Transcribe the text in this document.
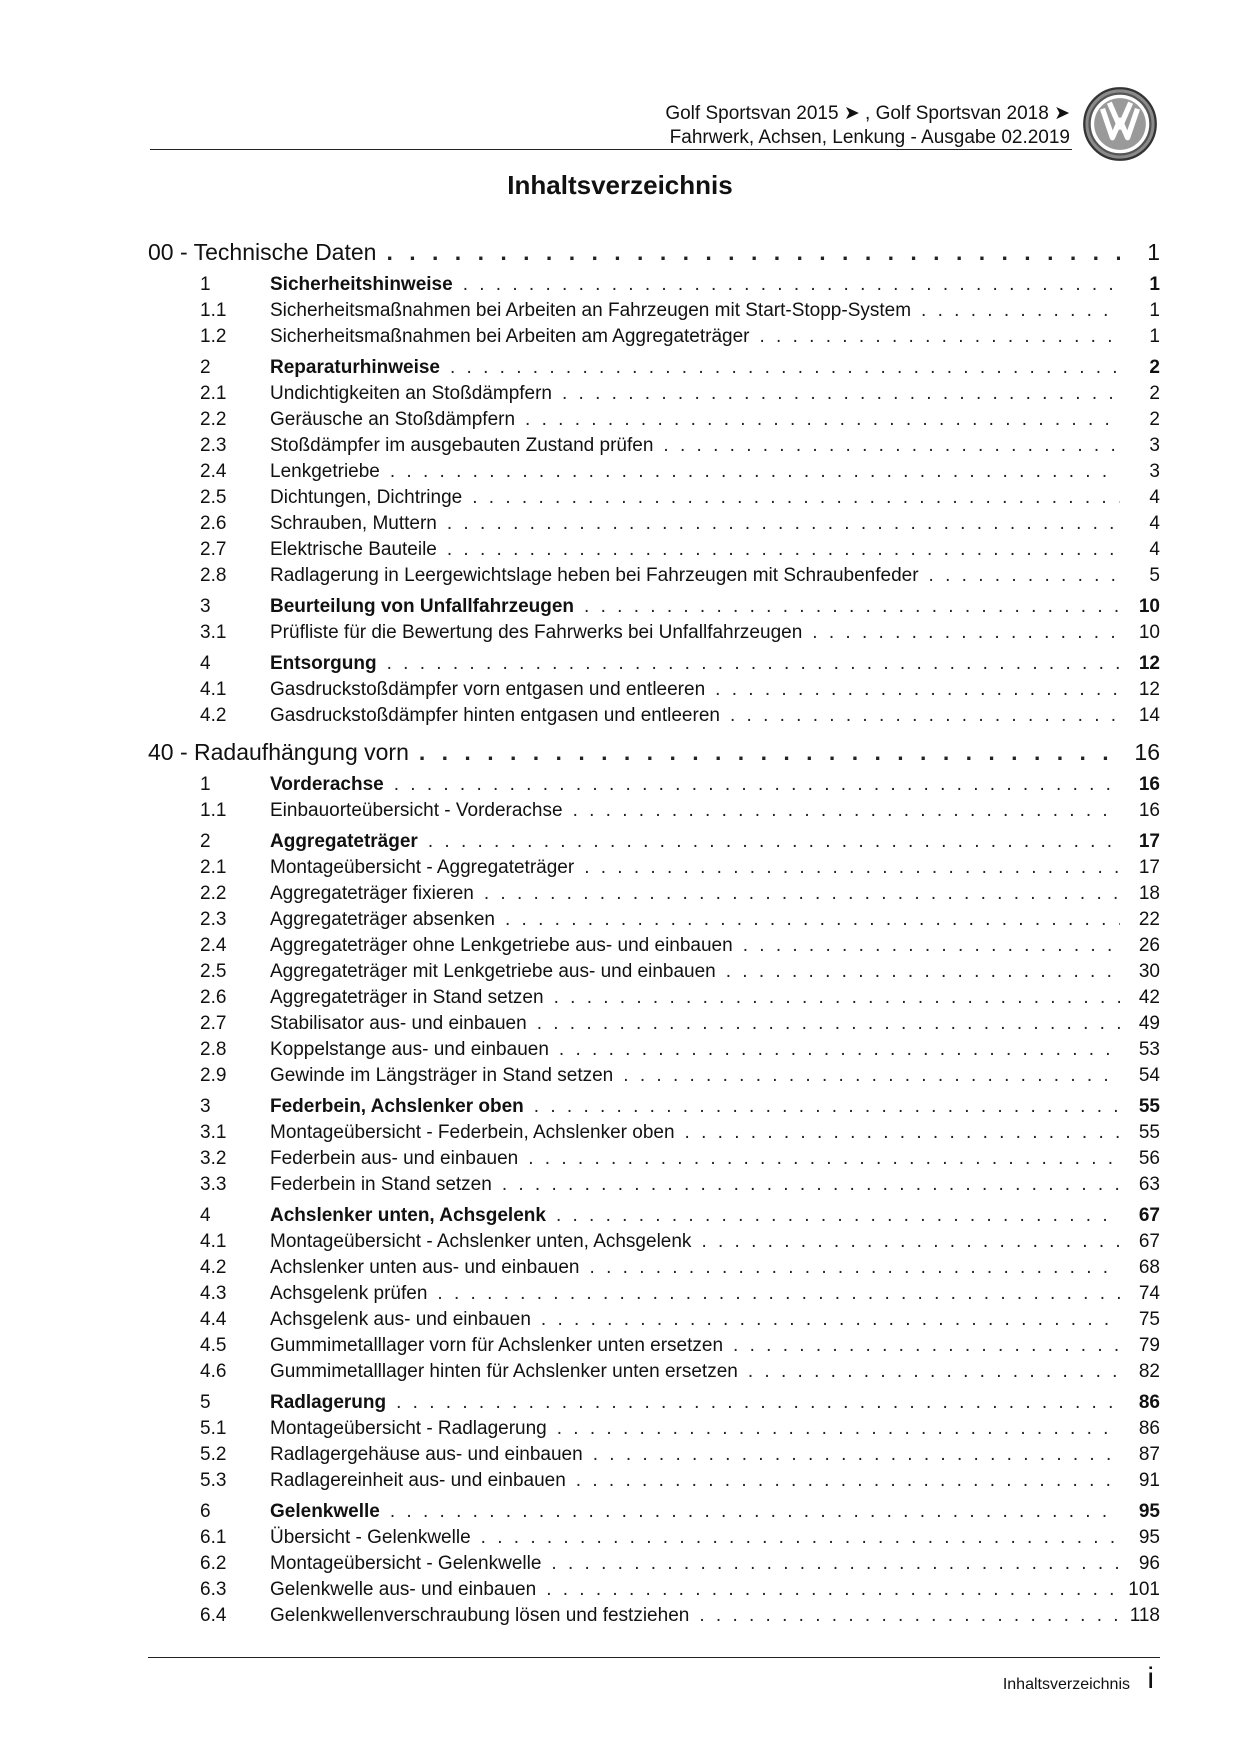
Golf Sportsvan 2015 ➤ , Golf Sportsvan 2018 ➤
Fahrwerk, Achsen, Lenkung - Ausgabe 02.2019
Inhaltsverzeichnis
00 - Technische Daten . . .	1
1	Sicherheitshinweise . . .	1
1.1	Sicherheitsmaßnahmen bei Arbeiten an Fahrzeugen mit Start-Stopp-System . . .	1
1.2	Sicherheitsmaßnahmen bei Arbeiten am Aggregateträger . . .	1
2	Reparaturhinweise . . .	2
2.1	Undichtigkeiten an Stoßdämpfern . . .	2
2.2	Geräusche an Stoßdämpfern . . .	2
2.3	Stoßdämpfer im ausgebauten Zustand prüfen . . .	3
2.4	Lenkgetriebe . . .	3
2.5	Dichtungen, Dichtringe . . .	4
2.6	Schrauben, Muttern . . .	4
2.7	Elektrische Bauteile . . .	4
2.8	Radlagerung in Leergewichtslage heben bei Fahrzeugen mit Schraubenfeder . . .	5
3	Beurteilung von Unfallfahrzeugen . . .	10
3.1	Prüfliste für die Bewertung des Fahrwerks bei Unfallfahrzeugen . . .	10
4	Entsorgung . . .	12
4.1	Gasdruckstoßdämpfer vorn entgasen und entleeren . . .	12
4.2	Gasdruckstoßdämpfer hinten entgasen und entleeren . . .	14
40 - Radaufhängung vorn . . .	16
1	Vorderachse . . .	16
1.1	Einbauorteübersicht - Vorderachse . . .	16
2	Aggregateträger . . .	17
2.1	Montageübersicht - Aggregateträger . . .	17
2.2	Aggregateträger fixieren . . .	18
2.3	Aggregateträger absenken . . .	22
2.4	Aggregateträger ohne Lenkgetriebe aus- und einbauen . . .	26
2.5	Aggregateträger mit Lenkgetriebe aus- und einbauen . . .	30
2.6	Aggregateträger in Stand setzen . . .	42
2.7	Stabilisator aus- und einbauen . . .	49
2.8	Koppelstange aus- und einbauen . . .	53
2.9	Gewinde im Längsträger in Stand setzen . . .	54
3	Federbein, Achslenker oben . . .	55
3.1	Montageübersicht - Federbein, Achslenker oben . . .	55
3.2	Federbein aus- und einbauen . . .	56
3.3	Federbein in Stand setzen . . .	63
4	Achslenker unten, Achsgelenk . . .	67
4.1	Montageübersicht - Achslenker unten, Achsgelenk . . .	67
4.2	Achslenker unten aus- und einbauen . . .	68
4.3	Achsgelenk prüfen . . .	74
4.4	Achsgelenk aus- und einbauen . . .	75
4.5	Gummimetalllager vorn für Achslenker unten ersetzen . . .	79
4.6	Gummimetalllager hinten für Achslenker unten ersetzen . . .	82
5	Radlagerung . . .	86
5.1	Montageübersicht - Radlagerung . . .	86
5.2	Radlagergehäuse aus- und einbauen . . .	87
5.3	Radlagereinheit aus- und einbauen . . .	91
6	Gelenkwelle . . .	95
6.1	Übersicht - Gelenkwelle . . .	95
6.2	Montageübersicht - Gelenkwelle . . .	96
6.3	Gelenkwelle aus- und einbauen . . .	101
6.4	Gelenkwellenverschraubung lösen und festziehen . . .	118
Inhaltsverzeichnis i
